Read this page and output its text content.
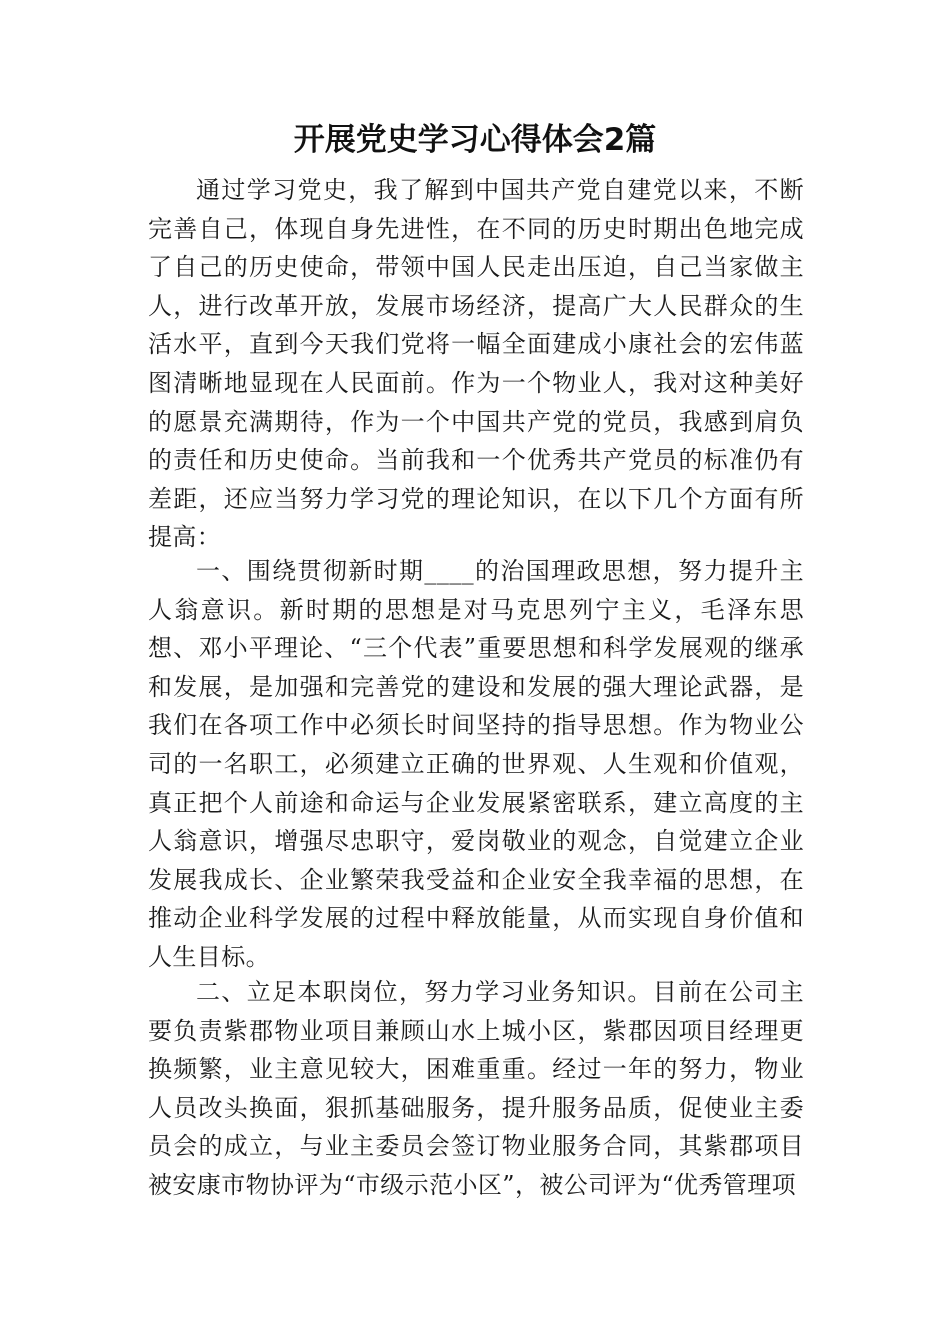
开展党史学习心得体会2篇

通过学习党史，我了解到中国共产党自建党以来，不断完善自己，体现自身先进性，在不同的历史时期出色地完成了自己的历史使命，带领中国人民走出压迫，自己当家做主人，进行改革开放，发展市场经济，提高广大人民群众的生活水平，直到今天我们党将一幅全面建成小康社会的宏伟蓝图清晰地显现在人民面前。作为一个物业人，我对这种美好的愿景充满期待，作为一个中国共产党的党员，我感到肩负的责任和历史使命。当前我和一个优秀共产党员的标准仍有差距，还应当努力学习党的理论知识，在以下几个方面有所提高：

一、围绕贯彻新时期____的治国理政思想，努力提升主人翁意识。新时期的思想是对马克思列宁主义，毛泽东思想、邓小平理论、“三个代表”重要思想和科学发展观的继承和发展，是加强和完善党的建设和发展的强大理论武器，是我们在各项工作中必须长时间坚持的指导思想。作为物业公司的一名职工，必须建立正确的世界观、人生观和价值观，真正把个人前途和命运与企业发展紧密联系，建立高度的主人翁意识，增强尽忠职守，爱岗敬业的观念，自觉建立企业发展我成长、企业繁荣我受益和企业安全我幸福的思想，在推动企业科学发展的过程中释放能量，从而实现自身价值和人生目标。

二、立足本职岗位，努力学习业务知识。目前在公司主要负责紫郡物业项目兼顾山水上城小区，紫郡因项目经理更换频繁，业主意见较大，困难重重。经过一年的努力，物业人员改头换面，狠抓基础服务，提升服务品质，促使业主委员会的成立，与业主委员会签订物业服务合同，其紫郡项目被安康市物协评为“市级示范小区”，被公司评为“优秀管理项
